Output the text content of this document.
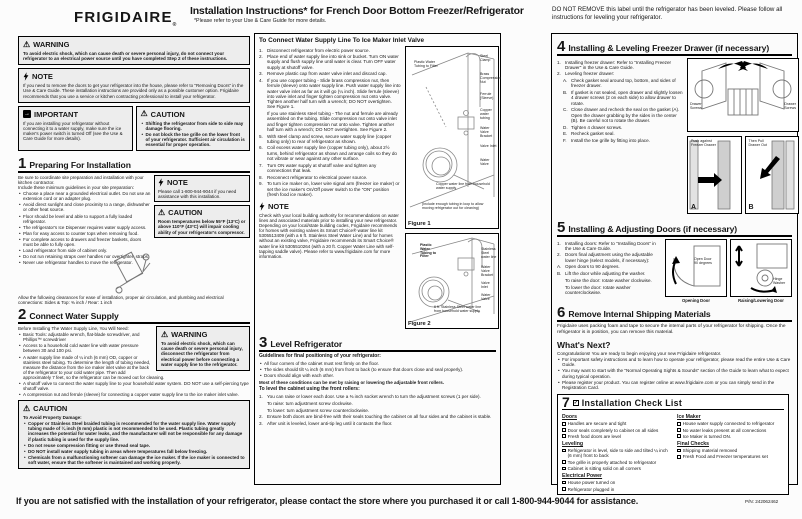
$FRIGIDAIRE_®$
Installation Instructions* for French Door Bottom Freezer/Refrigerator
*Please refer to your Use & Care Guide for more details.
DO NOT REMOVE this label until the refrigerator has been leveled. Please follow all instructions for leveling your refrigerator.
⚠ WARNING
To avoid electric shock, which can cause death or severe personal injury, do not connect your refrigerator to an electrical power source until you have completed Step 2 of these instructions.
NOTE
If you need to remove the doors to get your refrigerator into the house, please refer to "Removing Doors" in the Use & Care Guide. These installation instructions are provided only as a possible customer option. Frigidaire recommends that you use a service or kitchen contracting professional to install your refrigerator.
→ IMPORTANT
If you are installing your refrigerator without connecting it to a water supply, make sure the ice maker's power switch is turned Off (see the Use & Care Guide for more details).
⚠ CAUTION
• Shifting the refrigerator from side to side may damage flooring.
• Do not block the toe grille on the lower front of your refrigerator. Sufficient air circulation is essential for proper operation.
1 Preparing For Installation
NOTE
Please call 1-800-944-9044 if you need assistance with this installation.
⚠ CAUTION
Room temperatures below 55°F (13°C) or above 110°F (43°C) will impair cooling ability of your refrigerator's compressor.

Be sure to coordinate site preparation and installation with your kitchen contractor.

Include these minimum guidelines in your site preparation:

• Choose a place near a grounded electrical outlet. Do not use an extension cord or an adapter plug.
• Avoid direct sunlight and close proximity to a range, dishwasher or other heat source.
• Floor should be level and able to support a fully loaded refrigerator.
• The refrigerator's Ice Dispenser requires water supply access.
• Plan for easy access to counter tops when removing food.
• For complete access to drawers and freezer baskets, doors must be able to fully open.
• Load refrigerator from side of cabinet only.
• Do not run retaining straps over handles nor overtighten straps.
• Never use refrigerator handles to move the refrigerator.

Allow the following clearances for ease of installation, proper air circulation, and plumbing and electrical connections: Sides & Top: ⅜ inch / Rear: 1 inch

2 Connect Water Supply
⚠ WARNING
To avoid electric shock, which can cause death or severe personal injury, disconnect the refrigerator from electrical power before connecting a water supply line to the refrigerator.

Before Installing The Water Supply Line, You Will Need:

• Basic Tools: adjustable wrench, flat-blade screwdriver, and Phillips™ screwdriver
• Access to a household cold water line with water pressure between 30 and 100 psi.
• A water supply line made of ¼ inch (6 mm) OD, copper or stainless steel tubing. To determine the length of tubing needed, measure the distance from the ice maker inlet valve at the back of the refrigerator to your cold water pipe. Then add approximately 7 feet, so the refrigerator can be moved out for cleaning.
• A shutoff valve to connect the water supply line to your household water system. DO NOT use a self-piercing type shutoff valve.
• A compression nut and ferrule (sleeve) for connecting a copper water supply line to the ice maker inlet valve.
⚠ CAUTION
To Avoid Property Damage:
• Copper or Stainless Steel braided tubing is recommended for the water supply line. Water supply tubing made of ¼ inch (6 mm) plastic is not recommended to be used. Plastic tubing greatly increases the potential for water leaks, and the manufacturer will not be responsible for any damage if plastic tubing is used for the supply line.
• Do not reuse compression fitting or use thread seal tape.
• DO NOT install water supply tubing in areas where temperatures fall below freezing.
• Chemicals from a malfunctioning softener can damage the ice maker. If the ice maker is connected to soft water, ensure that the softener is maintained and working properly.
To Connect Water Supply Line To Ice Maker Inlet Valve
1. Disconnect refrigerator from electric power source.
2. Place end of water supply line into sink or bucket. Turn ON water supply and flush supply line until water is clear. Turn OFF water supply at shutoff valve.
3. Remove plastic cap from water valve inlet and discard cap.
4. If you use copper tubing - Slide brass compression nut, then ferrule (sleeve) onto water supply line. Push water supply line into water valve inlet as far as it will go (¼ inch). Slide ferrule (sleeve) into valve inlet and finger tighten compression nut onto valve. Tighten another half turn with a wrench; DO NOT overtighten. See Figure 1.
If you use stainless steel tubing - The nut and ferrule are already assembled on the tubing. Slide compression nut onto valve inlet and finger tighten compression nut onto valve. Tighten another half turn with a wrench; DO NOT overtighten. See Figure 2.
5. With steel clamp and screw, secure water supply line (copper tubing only) to rear of refrigerator as shown.
6. Coil excess water supply line (copper tubing only), about 2½ turns, behind refrigerator as shown and arrange coils so they do not vibrate or wear against any other surface.
7. Turn ON water supply at shutoff valve and tighten any connections that leak.
8. Reconnect refrigerator to electrical power source.
9. To turn ice maker on, lower wire signal arm (freezer ice maker) or set the ice maker's On/Off power switch to the "ON" position (fresh food ice maker).
NOTE
Check with your local building authority for recommendations on water lines and associated materials prior to installing your new refrigerator. Depending on your local/state building codes, Frigidaire recommends for homes with existing valves its Smart Choice® water line kit 5305513409 (with a 6 ft. Stainless Steel Water Line) and for homes without an existing valve, Frigidaire recommends its Smart Choice® water line kit 5305510264 (with a 20 ft. Copper Water Line with self-tapping saddle valve). Please refer to www.frigidaire.com for more information.
Plastic Water Tubing to Filter
Steel Clamp
Brass Compression Nut
Ferrule (Sleeve)
Copper water tubing
Water Valve Bracket
Valve Inlet
Water Valve
Copper water line from household water supply
(Include enough tubing in loop to allow moving refrigerator out for cleaning)
Figure 1
Plastic Water Tubing to Filter
Stainless Steel water line
Water Valve Bracket
Valve Inlet
Water Valve
6 ft. Stainless Steel water line from household water supply
Figure 2
3 Level Refrigerator

Guidelines for final positioning of your refrigerator:

• All four corners of the cabinet must rest firmly on the floor.
• The sides should tilt ¼ inch (6 mm) from front to back (to ensure that doors close and seal properly).
• Doors should align with each other.

Most of these conditions can be met by raising or lowering the adjustable front rollers.

To level the cabinet using the front rollers:

1. You can raise or lower each door. Use a ⅜ inch socket wrench to turn the adjustment screws (1 per side).
To raise: turn adjustment screw clockwise.
To lower: turn adjustment screw counterclockwise.
2. Ensure both doors are bind-free with their seals touching the cabinet on all four sides and the cabinet is stable.
3. After unit is leveled, lower anti-tip leg until it contacts the floor.
4 Installing & Leveling Freezer Drawer (if necessary)
1. Installing freezer drawer: Refer to "Installing Freezer Drawer" in the Use & Care Guide.
2. Leveling freezer drawer:
A. Check gasket seal around top, bottom, and sides of freezer drawer.
B. If gasket is not sealed, open drawer and slightly loosen 4 drawer screws (2 on each side) to allow drawer to rotate.
C. Close drawer and recheck the seal on the gasket (A). Open the drawer grabbing by the sides in the center (B). Be careful not to rotate the drawer.
D. Tighten 4 drawer screws.
E. Recheck gasket seal.
F. Install the toe grille by fitting into place.
Drawer Screws
Drawer Screws
Push against Freezer Drawer
A
Then Pull Drawer Out
B
5 Installing & Adjusting Doors (if necessary)
1. Installing doors: Refer to "Installing Doors" in the Use & Care Guide.
2. Doors final adjustment using the adjustable lower hinge (select models, if necessary):
A. Open doors to 90 degrees.
B. Lift the door while adjusting the washer.
To raise the door: rotate washer clockwise.
To lower the door: rotate washer counterclockwise.
Open Door 90 degrees
Opening Door
Hinge Washer
Raising/Lowering Door
6 Remove Internal Shipping Materials

Frigidaire uses packing foam and tape to secure the internal parts of your refrigerator for shipping. Once the refrigerator is in position, you can remove this material.

What's Next?

Congratulations! You are ready to begin enjoying your new Frigidaire refrigerator.

• For important safety instructions and to learn how to operate your refrigerator, please read the entire Use & Care Guide.
• You may want to start with the "Normal Operating Sights & Sounds" section of the Guide to learn what to expect during typical operation.
• Please register your product. You can register online at www.frigidaire.com or you can simply send in the Registration Card.
7 ✓ Installation Check List
Doors
Handles are secure and tight
Door seals completely to cabinet on all sides
Fresh food doors are level
Leveling
Refrigerator is level, side to side and tilted ¼ inch (6 mm) front to back
Toe grille is properly attached to refrigerator
Cabinet is sitting solid on all corners
Electrical Power
House power turned on
Refrigerator plugged in
Ice Maker
House water supply connected to refrigerator
No water leaks present at all connections
Ice Maker is turned ON.
Final Checks
Shipping material removed
Fresh Food and Freezer temperatures set
If you are not satisfied with the installation of your refrigerator, please contact the store where you purchased it or call 1-800-944-9044 for assistance.	P/N: 242062462
